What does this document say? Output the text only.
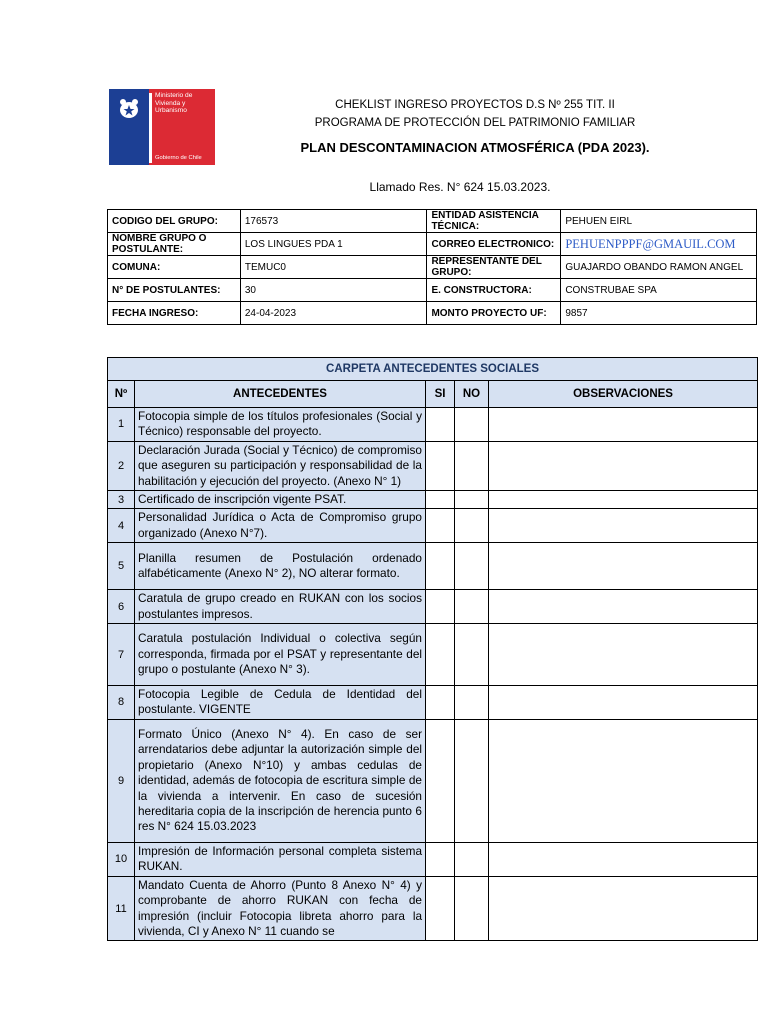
Ministerio de
Vivienda y
Urbanismo
Gobierno de Chile
CHEKLIST INGRESO PROYECTOS D.S Nº 255 TIT. II
PROGRAMA DE PROTECCIÓN DEL PATRIMONIO FAMILIAR
PLAN DESCONTAMINACION ATMOSFÉRICA (PDA 2023).
Llamado Res. N° 624 15.03.2023.
CODIGO DEL GRUPO:	176573	ENTIDAD ASISTENCIA TÉCNICA:	PEHUEN EIRL
NOMBRE GRUPO O POSTULANTE:	LOS LINGUES PDA 1	CORREO ELECTRONICO:	PEHUENPPPF@GMAUIL.COM
COMUNA:	TEMUC0	REPRESENTANTE DEL GRUPO:	GUAJARDO OBANDO RAMON ANGEL
N° DE POSTULANTES:	30	E. CONSTRUCTORA:	CONSTRUBAE SPA
FECHA INGRESO:	24-04-2023	MONTO PROYECTO UF:	9857
CARPETA ANTECEDENTES SOCIALES				
Nº	ANTECEDENTES	SI	NO	OBSERVACIONES
1	Fotocopia simple de los títulos profesionales (Social y Técnico) responsable del proyecto.			
2	Declaración Jurada (Social y Técnico) de compromiso que aseguren su participación y responsabilidad de la habilitación y ejecución del proyecto. (Anexo N° 1)			
3	Certificado de inscripción vigente PSAT.			
4	Personalidad Jurídica o Acta de Compromiso grupo organizado (Anexo N°7).			
5	Planilla resumen de Postulación ordenado alfabéticamente (Anexo N° 2), NO alterar formato.			
6	Caratula de grupo creado en RUKAN con los socios postulantes impresos.			
7	Caratula postulación Individual o colectiva según corresponda, firmada por el PSAT y representante del grupo o postulante (Anexo N° 3).			
8	Fotocopia Legible de Cedula de Identidad del postulante. VIGENTE			
9	Formato Único (Anexo N° 4). En caso de ser arrendatarios debe adjuntar la autorización simple del propietario (Anexo N°10) y ambas cedulas de identidad, además de fotocopia de escritura simple de la vivienda a intervenir. En caso de sucesión hereditaria copia de la inscripción de herencia punto 6 res N° 624 15.03.2023			
10	Impresión de Información personal completa sistema RUKAN.			
11	Mandato Cuenta de Ahorro (Punto 8 Anexo N° 4) y comprobante de ahorro RUKAN con fecha de impresión (incluir Fotocopia libreta ahorro para la vivienda, CI y Anexo N° 11 cuando se			
